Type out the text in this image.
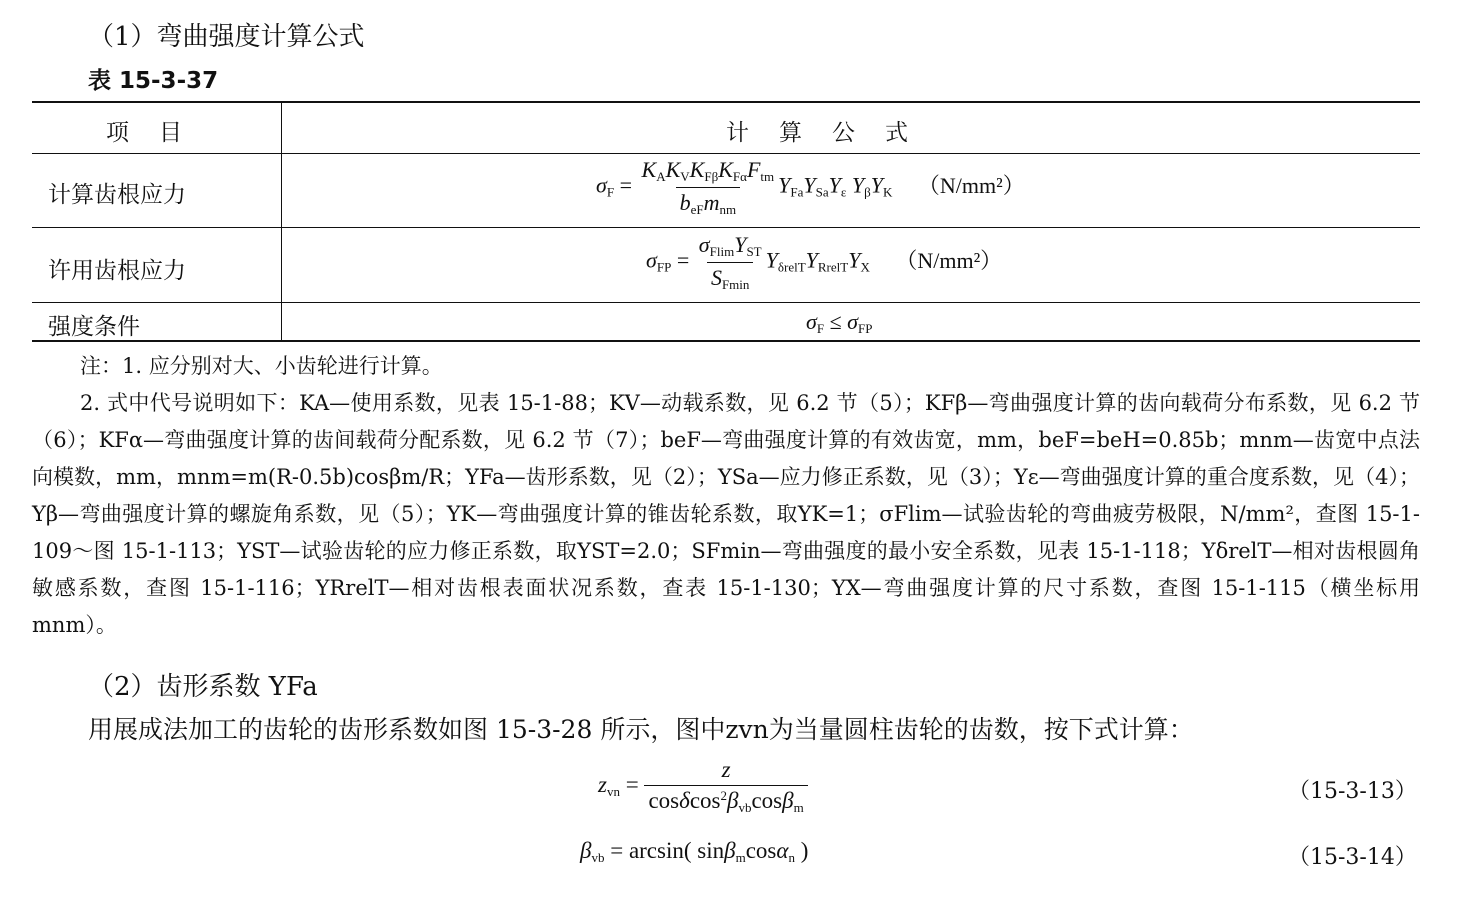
（1）弯曲强度计算公式
表 15-3-37
项目	计算公式
计算齿根应力	$\sigma_F = \frac{K_AK_VK_{F\beta}K_{F\alpha}F_{tm}}{b_{eF}m_{nm}} Y_{Fa}Y_{Sa}Y_\varepsilon$ $Y_\beta Y_K$ （N/mm²）
许用齿根应力	$\sigma_{FP} = \frac{\sigma_{Flim}Y_{ST}}{S_{Fmin}} Y_{\delta relT}Y_{RrelT}Y_X$ （N/mm²）
强度条件	$\sigma_F \le \sigma_{FP}$
注：1. 应分别对大、小齿轮进行计算。
2. 式中代号说明如下：KA—使用系数，见表 15-1-88；KV—动载系数，见 6.2 节（5）；KFβ—弯曲强度计算的齿向载荷分布系数，见 6.2 节（6）；KFα—弯曲强度计算的齿间载荷分配系数，见 6.2 节（7）；beF—弯曲强度计算的有效齿宽，mm，beF=beH=0.85b；mnm—齿宽中点法向模数，mm，mnm=m(R-0.5b)cosβm/R；YFa—齿形系数，见（2）；YSa—应力修正系数，见（3）；Yε—弯曲强度计算的重合度系数，见（4）；Yβ—弯曲强度计算的螺旋角系数，见（5）；YK—弯曲强度计算的锥齿轮系数，取YK=1；σFlim—试验齿轮的弯曲疲劳极限，N/mm²，查图 15-1-109～图 15-1-113；YST—试验齿轮的应力修正系数，取YST=2.0；SFmin—弯曲强度的最小安全系数，见表 15-1-118；YδrelT—相对齿根圆角敏感系数，查图 15-1-116；YRrelT—相对齿根表面状况系数，查表 15-1-130；YX—弯曲强度计算的尺寸系数，查图 15-1-115（横坐标用mnm）。
（2）齿形系数 YFa
用展成法加工的齿轮的齿形系数如图 15-3-28 所示，图中zvn为当量圆柱齿轮的齿数，按下式计算：
$z_{vn} = \frac{z}{\cos\delta\cos^2\beta_{vb}\cos\beta_m}$	（15-3-13）
$\beta_{vb} = \arcsin$( sinβ$_m$cosα$_n$ )	（15-3-14）
